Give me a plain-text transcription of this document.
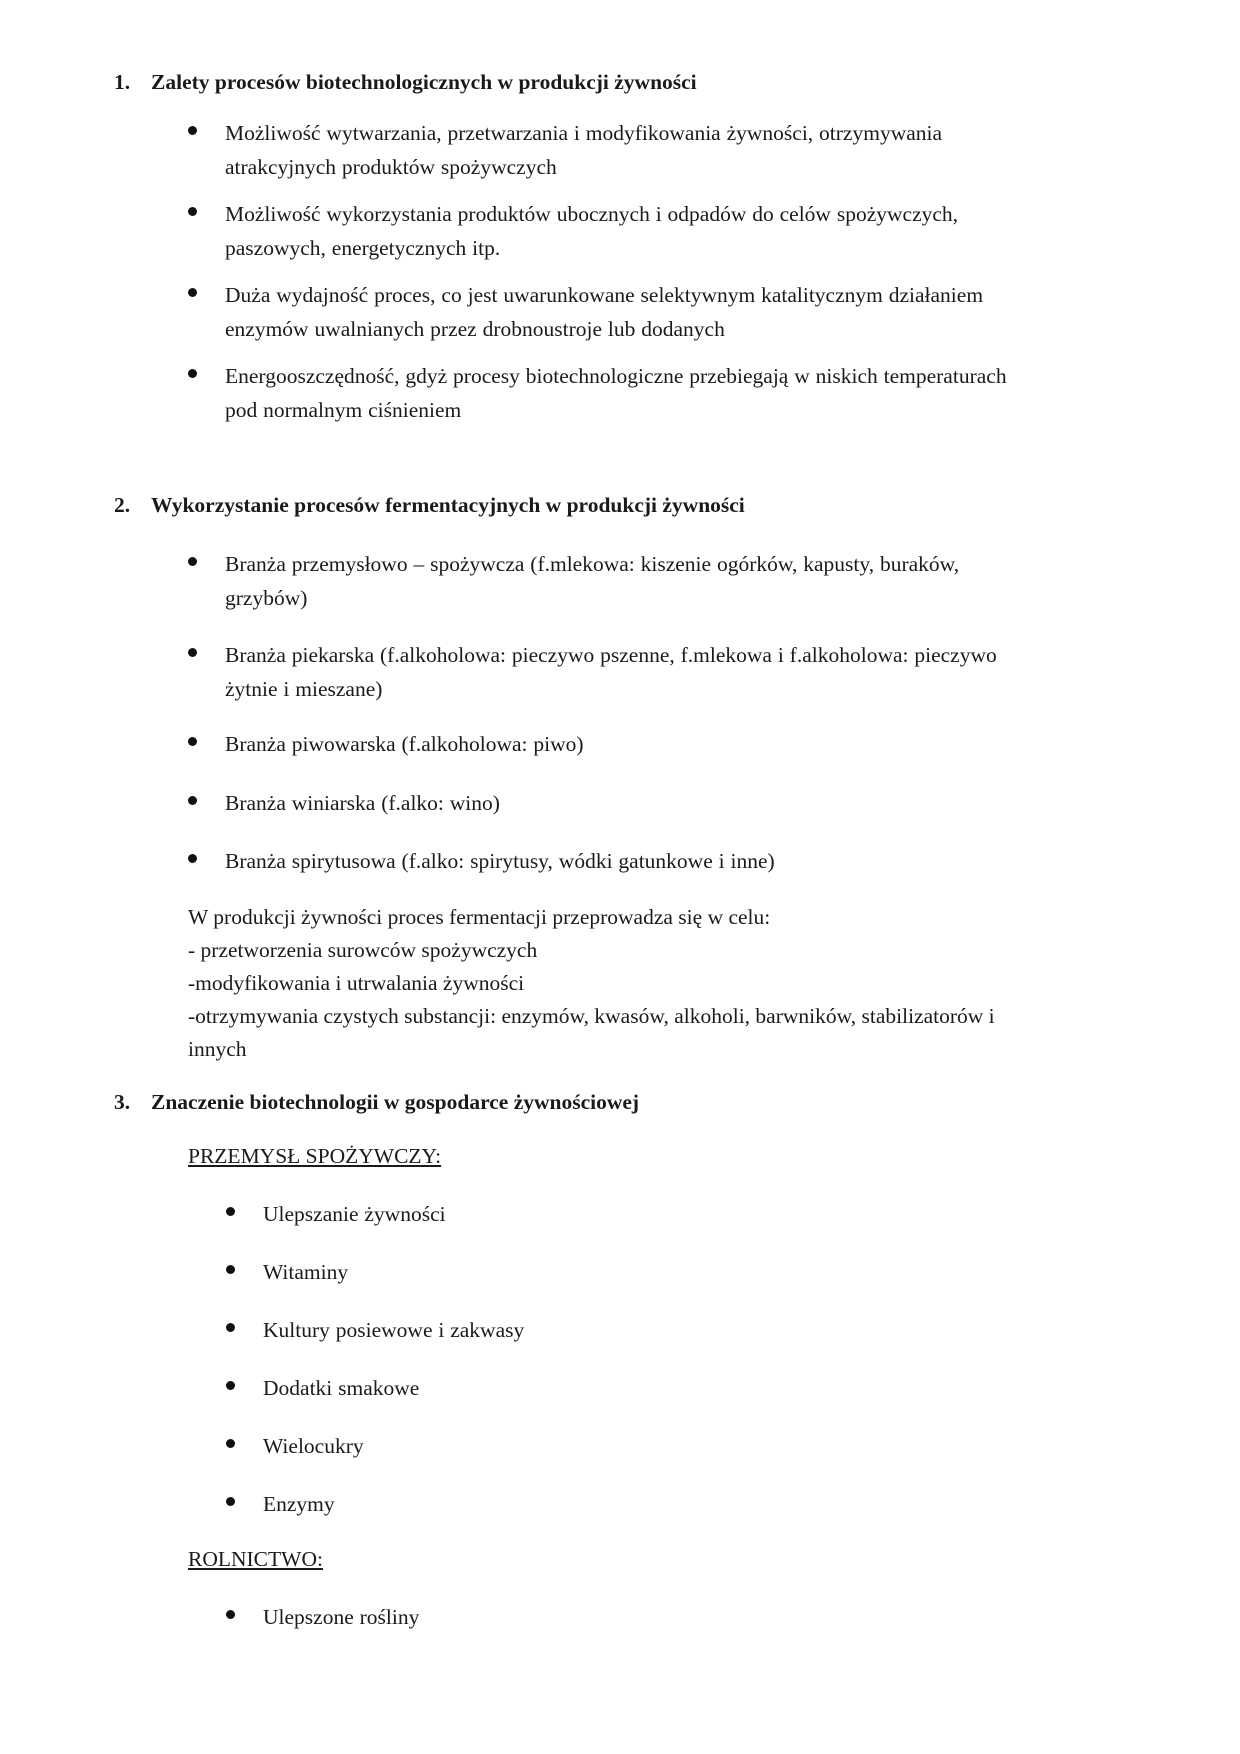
1. Zalety procesów biotechnologicznych w produkcji żywności
Możliwość wytwarzania, przetwarzania i modyfikowania żywności, otrzymywania
atrakcyjnych produktów spożywczych
Możliwość wykorzystania produktów ubocznych i odpadów do celów spożywczych,
paszowych, energetycznych itp.
Duża wydajność proces, co jest uwarunkowane selektywnym katalitycznym działaniem
enzymów uwalnianych przez drobnoustroje lub dodanych
Energooszczędność, gdyż procesy biotechnologiczne przebiegają w niskich temperaturach
pod normalnym ciśnieniem
2. Wykorzystanie procesów fermentacyjnych w produkcji żywności
Branża przemysłowo – spożywcza (f.mlekowa: kiszenie ogórków, kapusty, buraków,
grzybów)
Branża piekarska (f.alkoholowa: pieczywo pszenne, f.mlekowa i f.alkoholowa: pieczywo
żytnie i mieszane)
Branża piwowarska (f.alkoholowa: piwo)
Branża winiarska (f.alko: wino)
Branża spirytusowa (f.alko: spirytusy, wódki gatunkowe i inne)
W produkcji żywności proces fermentacji przeprowadza się w celu:
- przetworzenia surowców spożywczych
-modyfikowania i utrwalania żywności
-otrzymywania czystych substancji: enzymów, kwasów, alkoholi, barwników, stabilizatorów i
innych
3. Znaczenie biotechnologii w gospodarce żywnościowej
PRZEMYSŁ SPOŻYWCZY:
Ulepszanie żywności
Witaminy
Kultury posiewowe i zakwasy
Dodatki smakowe
Wielocukry
Enzymy
ROLNICTWO:
Ulepszone rośliny
